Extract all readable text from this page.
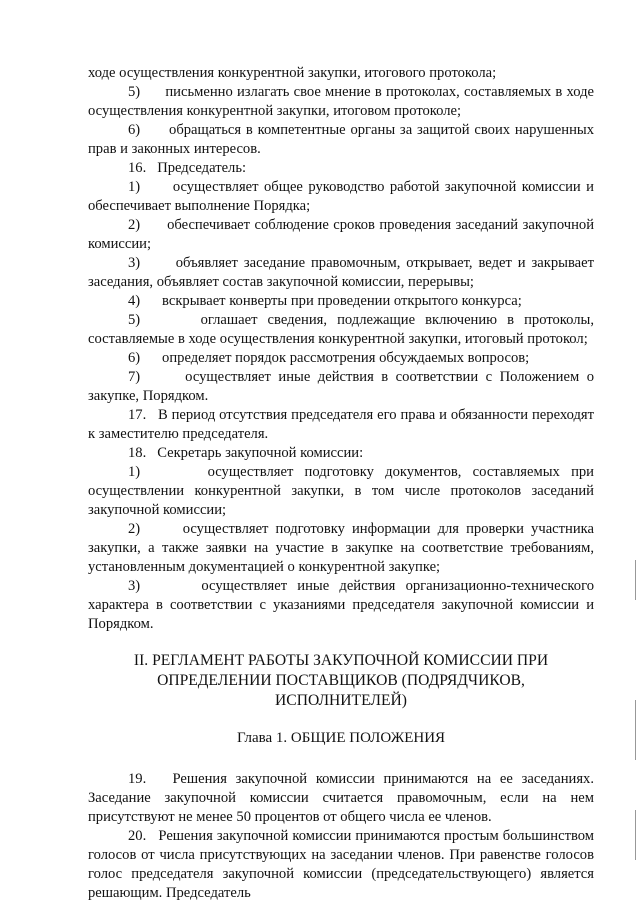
ходе осуществления конкурентной закупки, итогового протокола;

5)      письменно излагать свое мнение в протоколах, составляемых в ходе осуществления конкурентной закупки, итоговом протоколе;

6)      обращаться в компетентные органы за защитой своих нарушенных прав и законных интересов.

16.   Председатель:

1)      осуществляет общее руководство работой закупочной комиссии и обеспечивает выполнение Порядка;

2)      обеспечивает соблюдение сроков проведения заседаний закупочной комиссии;

3)      объявляет заседание правомочным, открывает, ведет и закрывает заседания, объявляет состав закупочной комиссии, перерывы;

4)      вскрывает конверты при проведении открытого конкурса;

5)      оглашает сведения, подлежащие включению в протоколы, составляемые в ходе осуществления конкурентной закупки, итоговый протокол;

6)      определяет порядок рассмотрения обсуждаемых вопросов;

7)      осуществляет иные действия в соответствии с Положением о закупке, Порядком.

17.   В период отсутствия председателя его права и обязанности переходят к заместителю председателя.

18.   Секретарь закупочной комиссии:

1)      осуществляет подготовку документов, составляемых при осуществлении конкурентной закупки, в том числе протоколов заседаний закупочной комиссии;

2)      осуществляет подготовку информации для проверки участника закупки, а также заявки на участие в закупке на соответствие требованиям, установленным документацией о конкурентной закупке;

3)      осуществляет иные действия организационно-технического характера в соответствии с указаниями председателя закупочной комиссии и Порядком.

II. РЕГЛАМЕНТ РАБОТЫ ЗАКУПОЧНОЙ КОМИССИИ ПРИ ОПРЕДЕЛЕНИИ ПОСТАВЩИКОВ (ПОДРЯДЧИКОВ, ИСПОЛНИТЕЛЕЙ)

Глава 1. ОБЩИЕ ПОЛОЖЕНИЯ

19.   Решения закупочной комиссии принимаются на ее заседаниях. Заседание закупочной комиссии считается правомочным, если на нем присутствуют не менее 50 процентов от общего числа ее членов.

20.   Решения закупочной комиссии принимаются простым большинством голосов от числа присутствующих на заседании членов. При равенстве голосов голос председателя закупочной комиссии (председательствующего) является решающим. Председатель
